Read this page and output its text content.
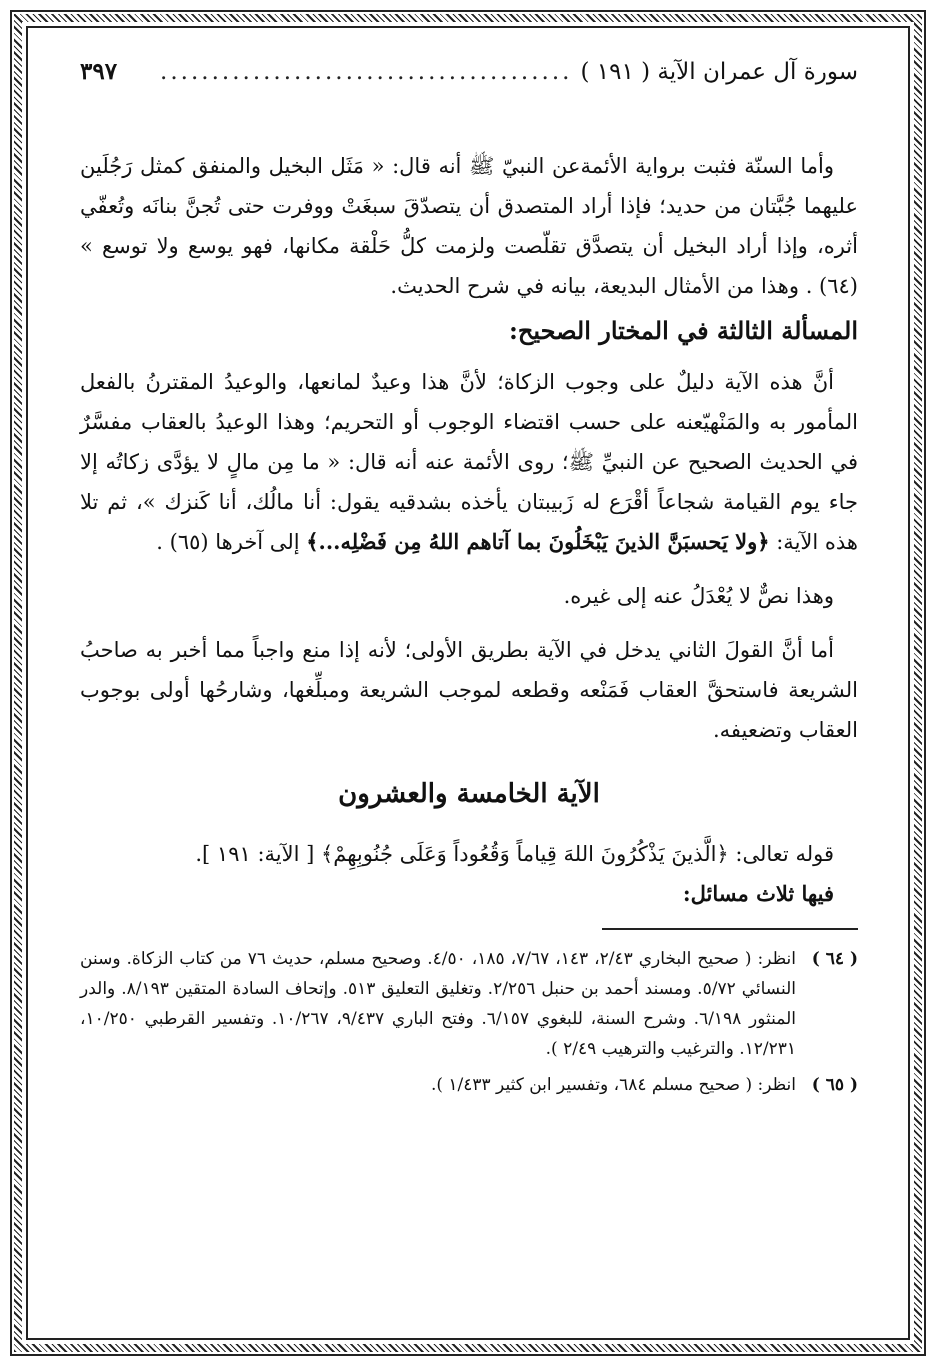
سورة آل عمران الآية ( ١٩١ )
........................................
٣٩٧

وأما السنّة فثبت برواية الأئمةعن النبيّ ﷺ أنه قال: « مَثَل البخيل والمنفق كمثل رَجُلَين عليهما جُبَّتان من حديد؛ فإذا أراد المتصدق أن يتصدّقَ سبغَتْ ووفرت حتى تُجنَّ بنانَه وتُعفّي أثره، وإذا أراد البخيل أن يتصدَّق تقلّصت ولزمت كلُّ حَلْقة مكانها، فهو يوسع ولا توسع » (٦٤) . وهذا من الأمثال البديعة، بيانه في شرح الحديث.

المسألة الثالثة في المختار الصحيح:

أنَّ هذه الآية دليلٌ على وجوب الزكاة؛ لأنَّ هذا وعيدٌ لمانعها، والوعيدُ المقترنُ بالفعل المأمور به والمَنْهيّعنه على حسب اقتضاء الوجوب أو التحريم؛ وهذا الوعيدُ بالعقاب مفسَّرٌ في الحديث الصحيح عن النبيِّ ﷺ؛ روى الأئمة عنه أنه قال: « ما مِن مالٍ لا يؤدَّى زكاتُه إلا جاء يوم القيامة شجاعاً أقْرَع له زَبيبتان يأخذه بشدقيه يقول: أنا مالُك، أنا كَنزك »، ثم تلا هذه الآية: ﴿ولا يَحسبَنَّ الذينَ يَبْخَلُونَ بما آتاهم اللهُ مِن فَضْلِه...﴾ إلى آخرها (٦٥) .

وهذا نصٌّ لا يُعْدَلُ عنه إلى غيره.

أما أنَّ القولَ الثاني يدخل في الآية بطريق الأولى؛ لأنه إذا منع واجباً مما أخبر به صاحبُ الشريعة فاستحقَّ العقاب فَمَنْعه وقطعه لموجب الشريعة ومبلِّغها، وشارحُها أولى بوجوب العقاب وتضعيفه.

الآية الخامسة والعشرون

قوله تعالى: ﴿الَّذينَ يَذْكُرُونَ اللهَ قِياماً وَقُعُوداً وَعَلَى جُنُوبِهِمْ﴾ [ الآية: ١٩١ ].

فيها ثلاث مسائل:

( ٦٤ )
انظر: ( صحيح البخاري ٢/٤٣، ١٤٣، ٧/٦٧، ١٨٥، ٤/٥٠. وصحيح مسلم، حديث ٧٦ من كتاب الزكاة. وسنن النسائي ٥/٧٢. ومسند أحمد بن حنبل ٢/٢٥٦. وتغليق التعليق ٥١٣. وإتحاف السادة المتقين ٨/١٩٣. والدر المنثور ٦/١٩٨. وشرح السنة، للبغوي ٦/١٥٧. وفتح الباري ٩/٤٣٧، ١٠/٢٦٧. وتفسير القرطبي ١٠/٢٥٠، ١٢/٢٣١. والترغيب والترهيب ٢/٤٩ ).
( ٦٥ )
انظر: ( صحيح مسلم ٦٨٤، وتفسير ابن كثير ١/٤٣٣ ).
